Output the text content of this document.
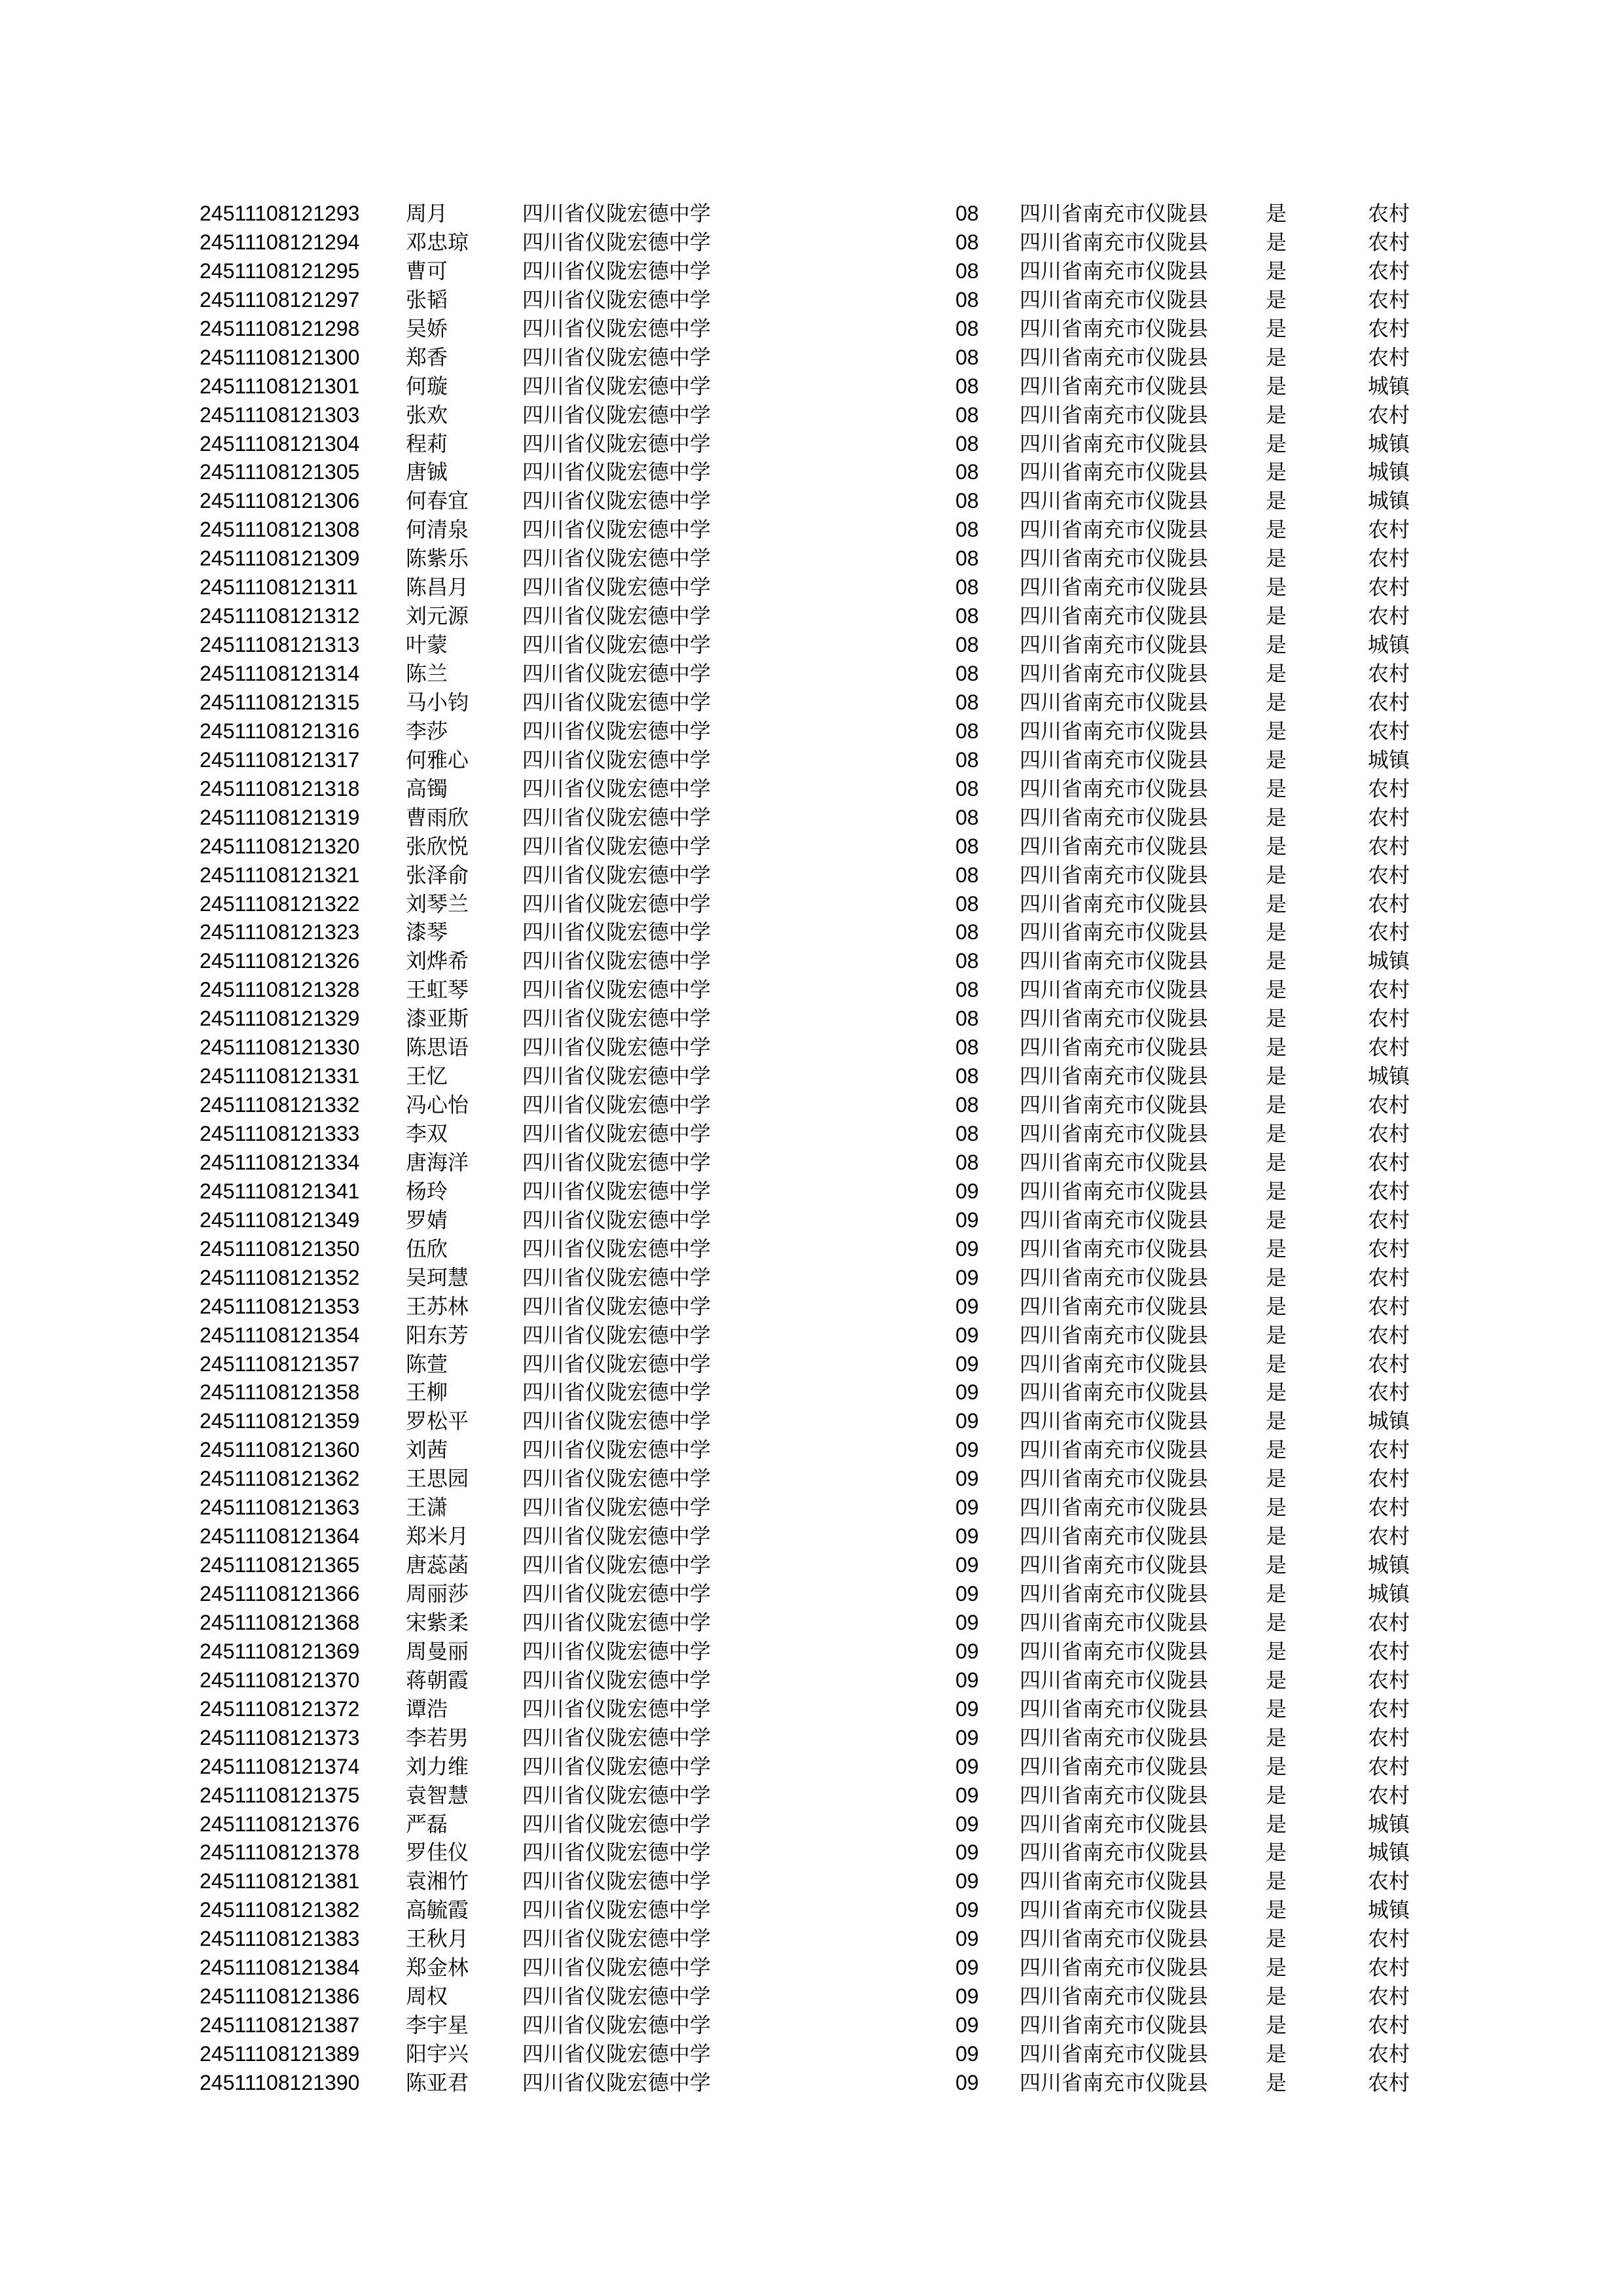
24511108121293 周月	四川省仪陇宏德中学	08 四川省南充市仪陇县	是	农村
24511108121294 邓忠琼	四川省仪陇宏德中学	08 四川省南充市仪陇县	是	农村
24511108121295 曹可	四川省仪陇宏德中学	08 四川省南充市仪陇县	是	农村
24511108121297 张韬	四川省仪陇宏德中学	08 四川省南充市仪陇县	是	农村
24511108121298 吴娇	四川省仪陇宏德中学	08 四川省南充市仪陇县	是	农村
24511108121300 郑香	四川省仪陇宏德中学	08 四川省南充市仪陇县	是	农村
24511108121301 何璇	四川省仪陇宏德中学	08 四川省南充市仪陇县	是	城镇
24511108121303 张欢	四川省仪陇宏德中学	08 四川省南充市仪陇县	是	农村
24511108121304 程莉	四川省仪陇宏德中学	08 四川省南充市仪陇县	是	城镇
24511108121305 唐铖	四川省仪陇宏德中学	08 四川省南充市仪陇县	是	城镇
24511108121306 何春宜	四川省仪陇宏德中学	08 四川省南充市仪陇县	是	城镇
24511108121308 何清泉	四川省仪陇宏德中学	08 四川省南充市仪陇县	是	农村
24511108121309 陈紫乐	四川省仪陇宏德中学	08 四川省南充市仪陇县	是	农村
24511108121311 陈昌月	四川省仪陇宏德中学	08 四川省南充市仪陇县	是	农村
24511108121312 刘元源	四川省仪陇宏德中学	08 四川省南充市仪陇县	是	农村
24511108121313 叶蒙	四川省仪陇宏德中学	08 四川省南充市仪陇县	是	城镇
24511108121314 陈兰	四川省仪陇宏德中学	08 四川省南充市仪陇县	是	农村
24511108121315 马小钧	四川省仪陇宏德中学	08 四川省南充市仪陇县	是	农村
24511108121316 李莎	四川省仪陇宏德中学	08 四川省南充市仪陇县	是	农村
24511108121317 何雅心	四川省仪陇宏德中学	08 四川省南充市仪陇县	是	城镇
24511108121318 高镯	四川省仪陇宏德中学	08 四川省南充市仪陇县	是	农村
24511108121319 曹雨欣	四川省仪陇宏德中学	08 四川省南充市仪陇县	是	农村
24511108121320 张欣悦	四川省仪陇宏德中学	08 四川省南充市仪陇县	是	农村
24511108121321 张泽俞	四川省仪陇宏德中学	08 四川省南充市仪陇县	是	农村
24511108121322 刘琴兰	四川省仪陇宏德中学	08 四川省南充市仪陇县	是	农村
24511108121323 漆琴	四川省仪陇宏德中学	08 四川省南充市仪陇县	是	农村
24511108121326 刘烨希	四川省仪陇宏德中学	08 四川省南充市仪陇县	是	城镇
24511108121328 王虹琴	四川省仪陇宏德中学	08 四川省南充市仪陇县	是	农村
24511108121329 漆亚斯	四川省仪陇宏德中学	08 四川省南充市仪陇县	是	农村
24511108121330 陈思语	四川省仪陇宏德中学	08 四川省南充市仪陇县	是	农村
24511108121331 王忆	四川省仪陇宏德中学	08 四川省南充市仪陇县	是	城镇
24511108121332 冯心怡	四川省仪陇宏德中学	08 四川省南充市仪陇县	是	农村
24511108121333 李双	四川省仪陇宏德中学	08 四川省南充市仪陇县	是	农村
24511108121334 唐海洋	四川省仪陇宏德中学	08 四川省南充市仪陇县	是	农村
24511108121341 杨玲	四川省仪陇宏德中学	09 四川省南充市仪陇县	是	农村
24511108121349 罗婧	四川省仪陇宏德中学	09 四川省南充市仪陇县	是	农村
24511108121350 伍欣	四川省仪陇宏德中学	09 四川省南充市仪陇县	是	农村
24511108121352 吴珂慧	四川省仪陇宏德中学	09 四川省南充市仪陇县	是	农村
24511108121353 王苏林	四川省仪陇宏德中学	09 四川省南充市仪陇县	是	农村
24511108121354 阳东芳	四川省仪陇宏德中学	09 四川省南充市仪陇县	是	农村
24511108121357 陈萱	四川省仪陇宏德中学	09 四川省南充市仪陇县	是	农村
24511108121358 王柳	四川省仪陇宏德中学	09 四川省南充市仪陇县	是	农村
24511108121359 罗松平	四川省仪陇宏德中学	09 四川省南充市仪陇县	是	城镇
24511108121360 刘茜	四川省仪陇宏德中学	09 四川省南充市仪陇县	是	农村
24511108121362 王思园	四川省仪陇宏德中学	09 四川省南充市仪陇县	是	农村
24511108121363 王潇	四川省仪陇宏德中学	09 四川省南充市仪陇县	是	农村
24511108121364 郑米月	四川省仪陇宏德中学	09 四川省南充市仪陇县	是	农村
24511108121365 唐蕊菡	四川省仪陇宏德中学	09 四川省南充市仪陇县	是	城镇
24511108121366 周丽莎	四川省仪陇宏德中学	09 四川省南充市仪陇县	是	城镇
24511108121368 宋紫柔	四川省仪陇宏德中学	09 四川省南充市仪陇县	是	农村
24511108121369 周曼丽	四川省仪陇宏德中学	09 四川省南充市仪陇县	是	农村
24511108121370 蒋朝霞	四川省仪陇宏德中学	09 四川省南充市仪陇县	是	农村
24511108121372 谭浩	四川省仪陇宏德中学	09 四川省南充市仪陇县	是	农村
24511108121373 李若男	四川省仪陇宏德中学	09 四川省南充市仪陇县	是	农村
24511108121374 刘力维	四川省仪陇宏德中学	09 四川省南充市仪陇县	是	农村
24511108121375 袁智慧	四川省仪陇宏德中学	09 四川省南充市仪陇县	是	农村
24511108121376 严磊	四川省仪陇宏德中学	09 四川省南充市仪陇县	是	城镇
24511108121378 罗佳仪	四川省仪陇宏德中学	09 四川省南充市仪陇县	是	城镇
24511108121381 袁湘竹	四川省仪陇宏德中学	09 四川省南充市仪陇县	是	农村
24511108121382 高毓霞	四川省仪陇宏德中学	09 四川省南充市仪陇县	是	城镇
24511108121383 王秋月	四川省仪陇宏德中学	09 四川省南充市仪陇县	是	农村
24511108121384 郑金林	四川省仪陇宏德中学	09 四川省南充市仪陇县	是	农村
24511108121386 周权	四川省仪陇宏德中学	09 四川省南充市仪陇县	是	农村
24511108121387 李宇星	四川省仪陇宏德中学	09 四川省南充市仪陇县	是	农村
24511108121389 阳宇兴	四川省仪陇宏德中学	09 四川省南充市仪陇县	是	农村
24511108121390 陈亚君	四川省仪陇宏德中学	09 四川省南充市仪陇县	是	农村
